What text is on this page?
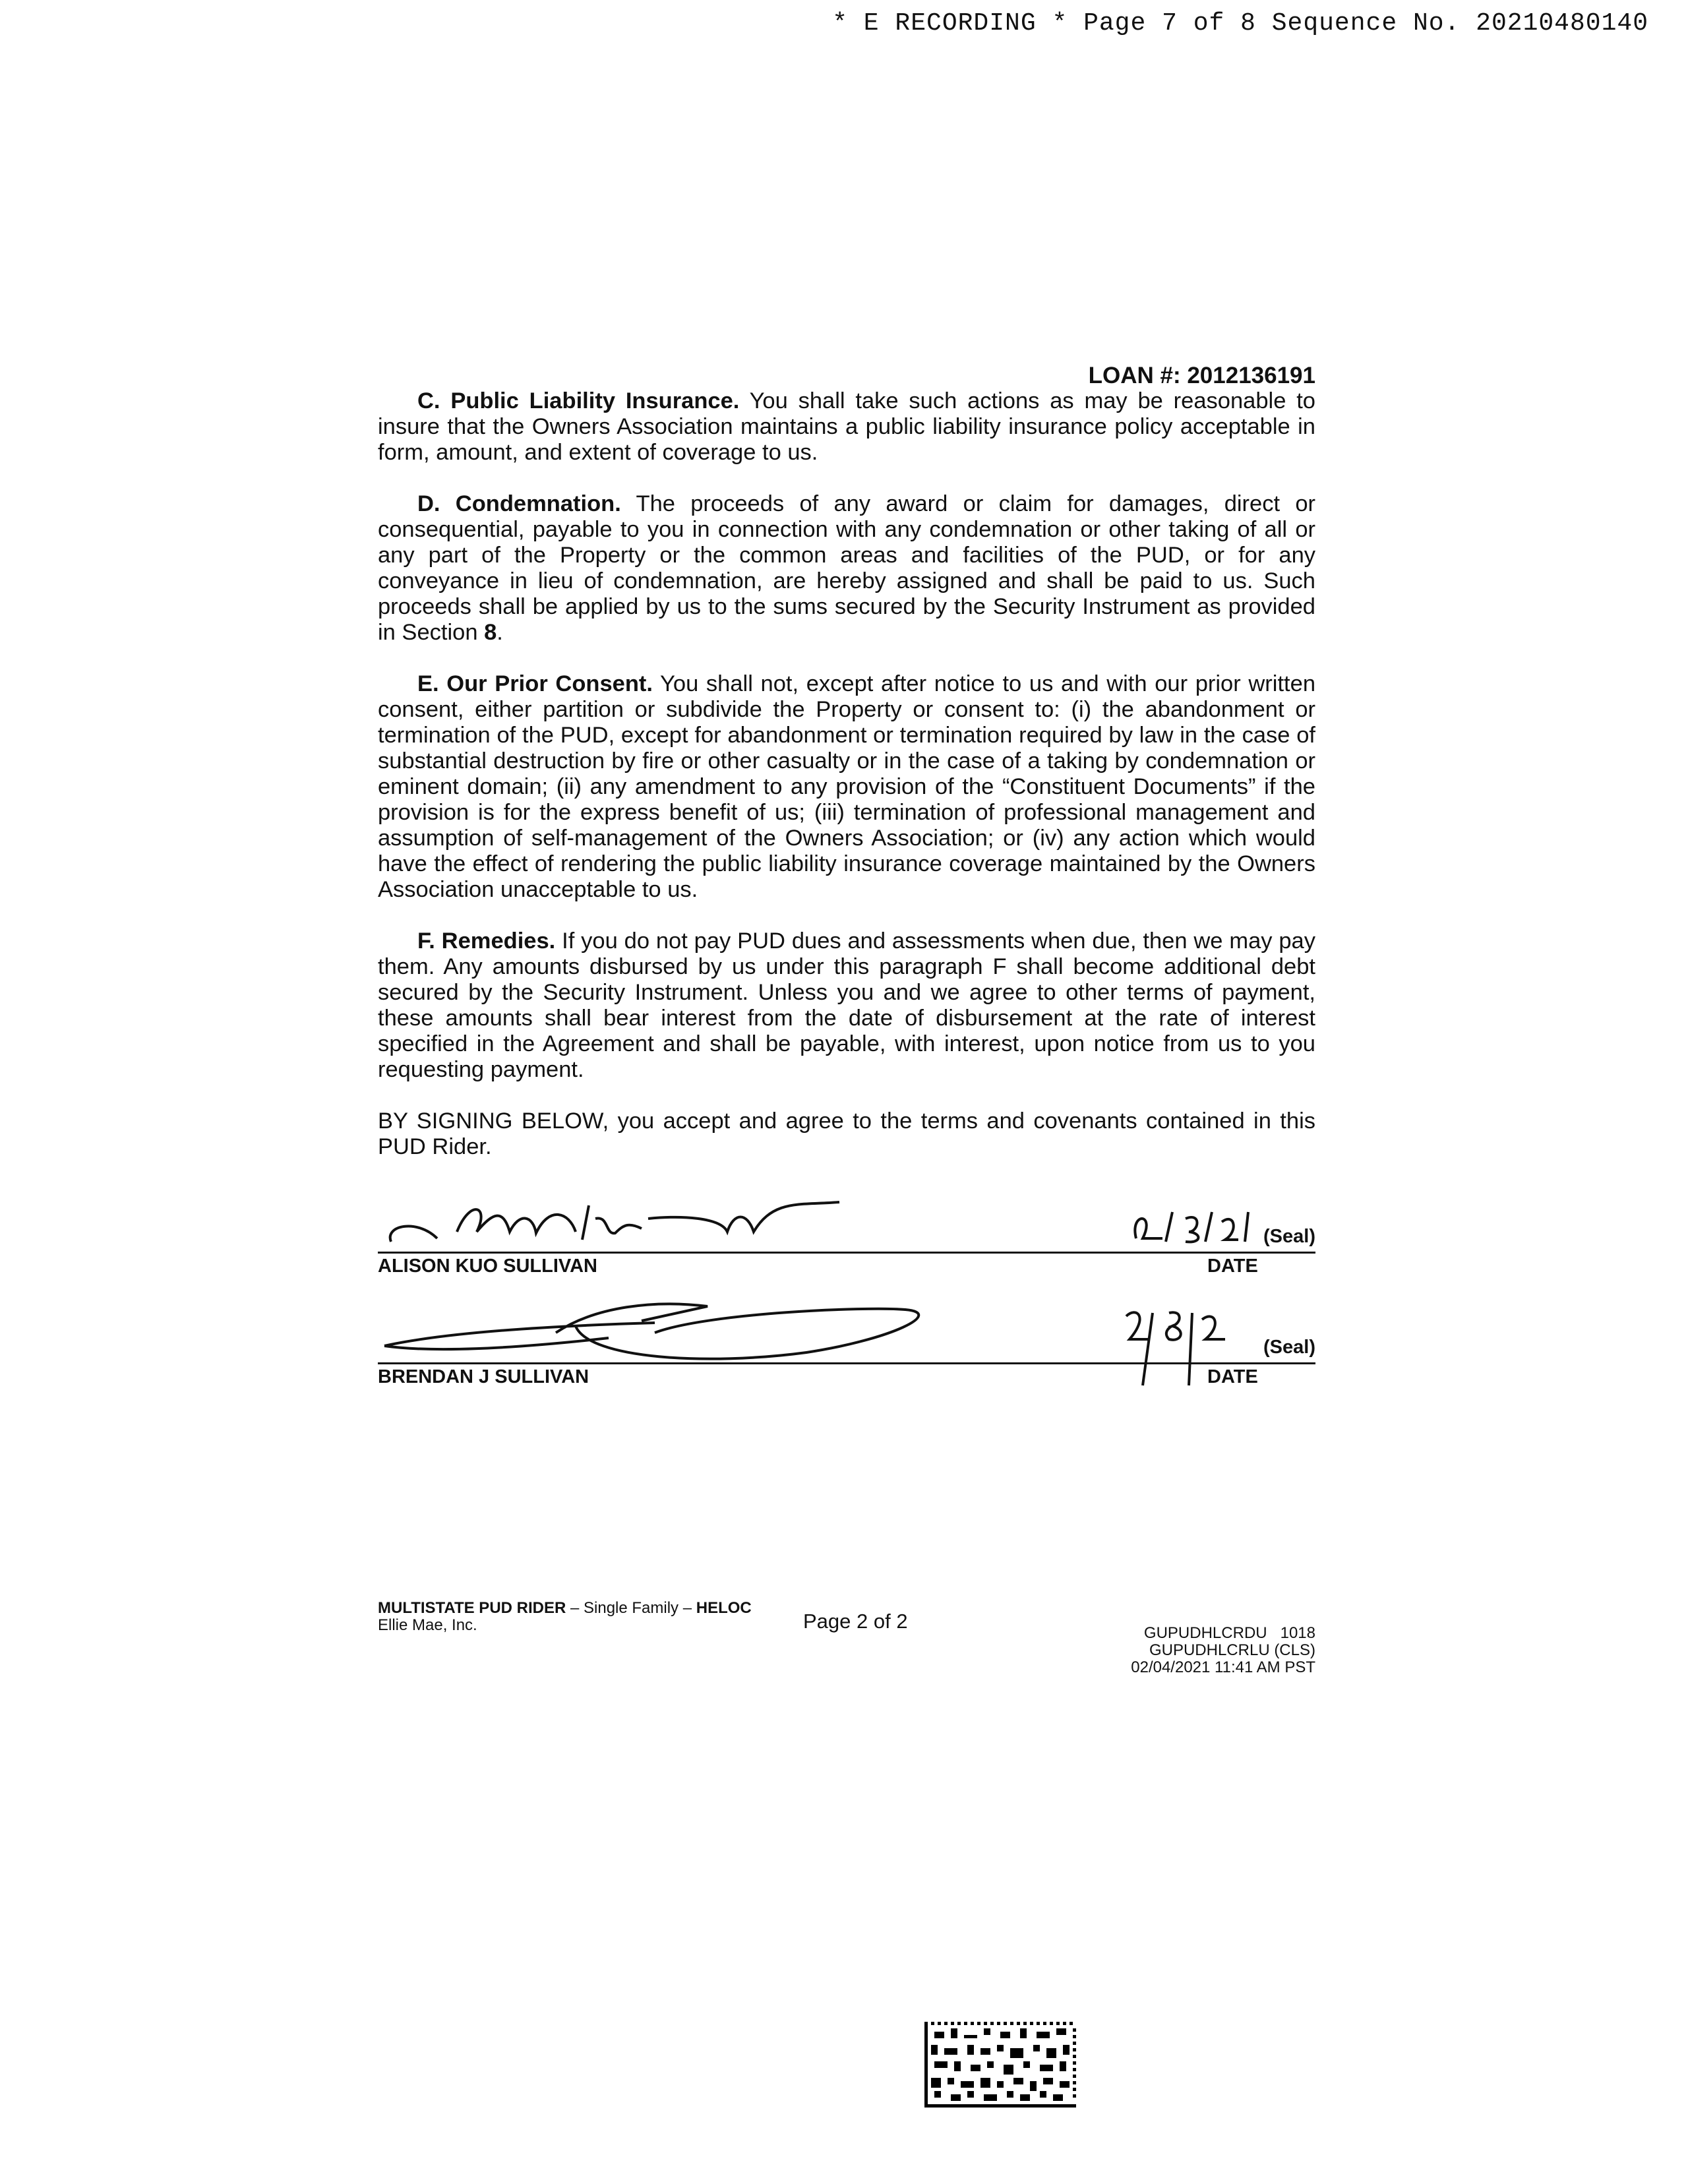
* E RECORDING * Page 7 of 8 Sequence No. 20210480140
LOAN #: 2012136191

C. Public Liability Insurance. You shall take such actions as may be reasonable to insure that the Owners Association maintains a public liability insurance policy acceptable in form, amount, and extent of coverage to us.

D. Condemnation. The proceeds of any award or claim for damages, direct or consequential, payable to you in connection with any condemnation or other taking of all or any part of the Property or the common areas and facilities of the PUD, or for any conveyance in lieu of condemnation, are hereby assigned and shall be paid to us. Such proceeds shall be applied by us to the sums secured by the Security Instrument as provided in Section 8.

E. Our Prior Consent. You shall not, except after notice to us and with our prior written consent, either partition or subdivide the Property or consent to: (i) the abandonment or termination of the PUD, except for abandonment or termination required by law in the case of substantial destruction by fire or other casualty or in the case of a taking by condemnation or eminent domain; (ii) any amendment to any provision of the “Constituent Documents” if the provision is for the express benefit of us; (iii) termination of professional management and assumption of self-management of the Owners Association; or (iv) any action which would have the effect of rendering the public liability insurance coverage maintained by the Owners Association unacceptable to us.

F. Remedies. If you do not pay PUD dues and assessments when due, then we may pay them. Any amounts disbursed by us under this paragraph F shall become additional debt secured by the Security Instrument. Unless you and we agree to other terms of payment, these amounts shall bear interest from the date of disbursement at the rate of interest specified in the Agreement and shall be payable, with interest, upon notice from us to you requesting payment.

BY SIGNING BELOW, you accept and agree to the terms and covenants contained in this PUD Rider.

(Seal)
ALISON KUO SULLIVAN	DATE
(Seal)
BRENDAN J SULLIVAN	DATE
MULTISTATE PUD RIDER – Single Family – HELOC
Ellie Mae, Inc.	Page 2 of 2
GUPUDHLCRDU   1018
GUPUDHLCRLU (CLS)
02/04/2021 11:41 AM PST
